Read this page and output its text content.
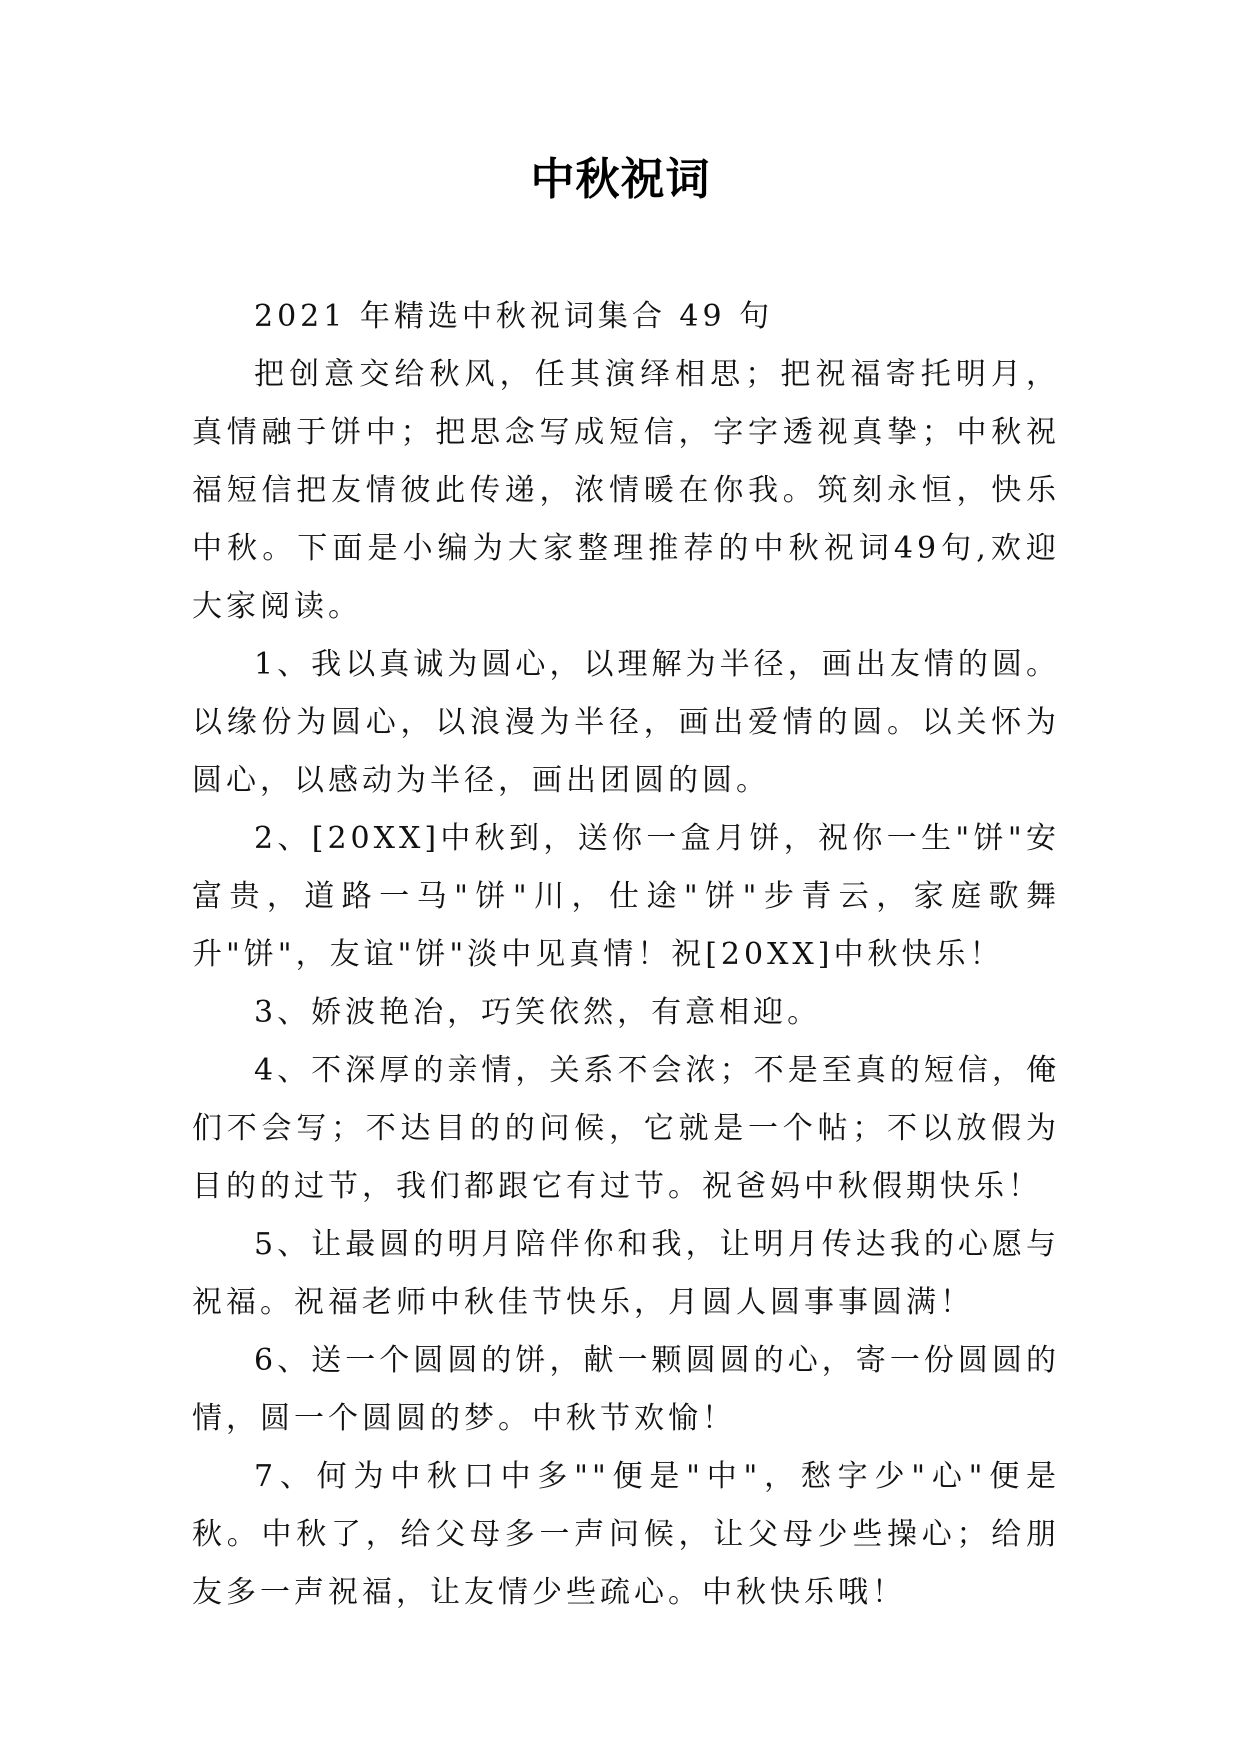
中秋祝词

2021 年精选中秋祝词集合 49 句

把创意交给秋风，任其演绎相思；把祝福寄托明月，真情融于饼中；把思念写成短信，字字透视真挚；中秋祝福短信把友情彼此传递，浓情暖在你我。筑刻永恒，快乐中秋。下面是小编为大家整理推荐的中秋祝词49句,欢迎大家阅读。

1、我以真诚为圆心，以理解为半径，画出友情的圆。以缘份为圆心，以浪漫为半径，画出爱情的圆。以关怀为圆心，以感动为半径，画出团圆的圆。

2、[20XX]中秋到，送你一盒月饼，祝你一生"饼"安富贵，道路一马"饼"川，仕途"饼"步青云，家庭歌舞升"饼"，友谊"饼"淡中见真情！祝[20XX]中秋快乐！

3、娇波艳冶，巧笑依然，有意相迎。

4、不深厚的亲情，关系不会浓；不是至真的短信，俺们不会写；不达目的的问候，它就是一个帖；不以放假为目的的过节，我们都跟它有过节。祝爸妈中秋假期快乐！

5、让最圆的明月陪伴你和我，让明月传达我的心愿与祝福。祝福老师中秋佳节快乐，月圆人圆事事圆满！

6、送一个圆圆的饼，献一颗圆圆的心，寄一份圆圆的情，圆一个圆圆的梦。中秋节欢愉！

7、何为中秋口中多""便是"中"，愁字少"心"便是秋。中秋了，给父母多一声问候，让父母少些操心；给朋友多一声祝福，让友情少些疏心。中秋快乐哦！
